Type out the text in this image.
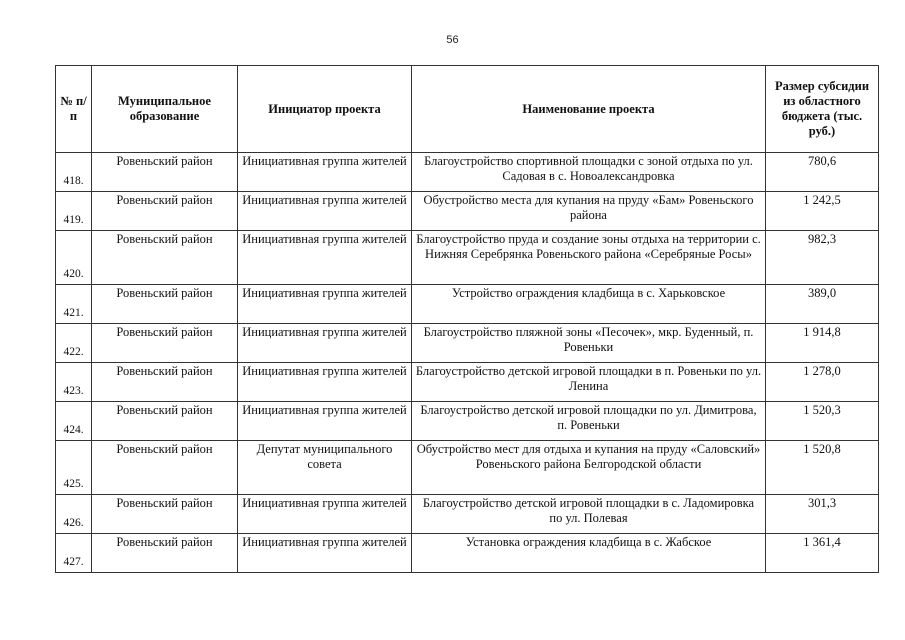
56
№ п/п	Муниципальное образование	Инициатор проекта	Наименование проекта	Размер субсидии из областного бюджета (тыс. руб.)
418.	Ровеньский район	Инициативная группа жителей	Благоустройство спортивной площадки с зоной отдыха по ул. Садовая в с. Новоалександровка	780,6
419.	Ровеньский район	Инициативная группа жителей	Обустройство места для купания на пруду «Бам» Ровеньского района	1 242,5
420.	Ровеньский район	Инициативная группа жителей	Благоустройство пруда и создание зоны отдыха на территории с. Нижняя Серебрянка Ровеньского района «Серебряные Росы»	982,3
421.	Ровеньский район	Инициативная группа жителей	Устройство ограждения кладбища в с. Харьковское	389,0
422.	Ровеньский район	Инициативная группа жителей	Благоустройство пляжной зоны «Песочек», мкр. Буденный, п. Ровеньки	1 914,8
423.	Ровеньский район	Инициативная группа жителей	Благоустройство детской игровой площадки в п. Ровеньки по ул. Ленина	1 278,0
424.	Ровеньский район	Инициативная группа жителей	Благоустройство детской игровой площадки по ул. Димитрова, п. Ровеньки	1 520,3
425.	Ровеньский район	Депутат муниципального совета	Обустройство мест для отдыха и купания на пруду «Саловский» Ровеньского района Белгородской области	1 520,8
426.	Ровеньский район	Инициативная группа жителей	Благоустройство детской игровой площадки в с. Ладомировка по ул. Полевая	301,3
427.	Ровеньский район	Инициативная группа жителей	Установка ограждения кладбища в с. Жабское	1 361,4
